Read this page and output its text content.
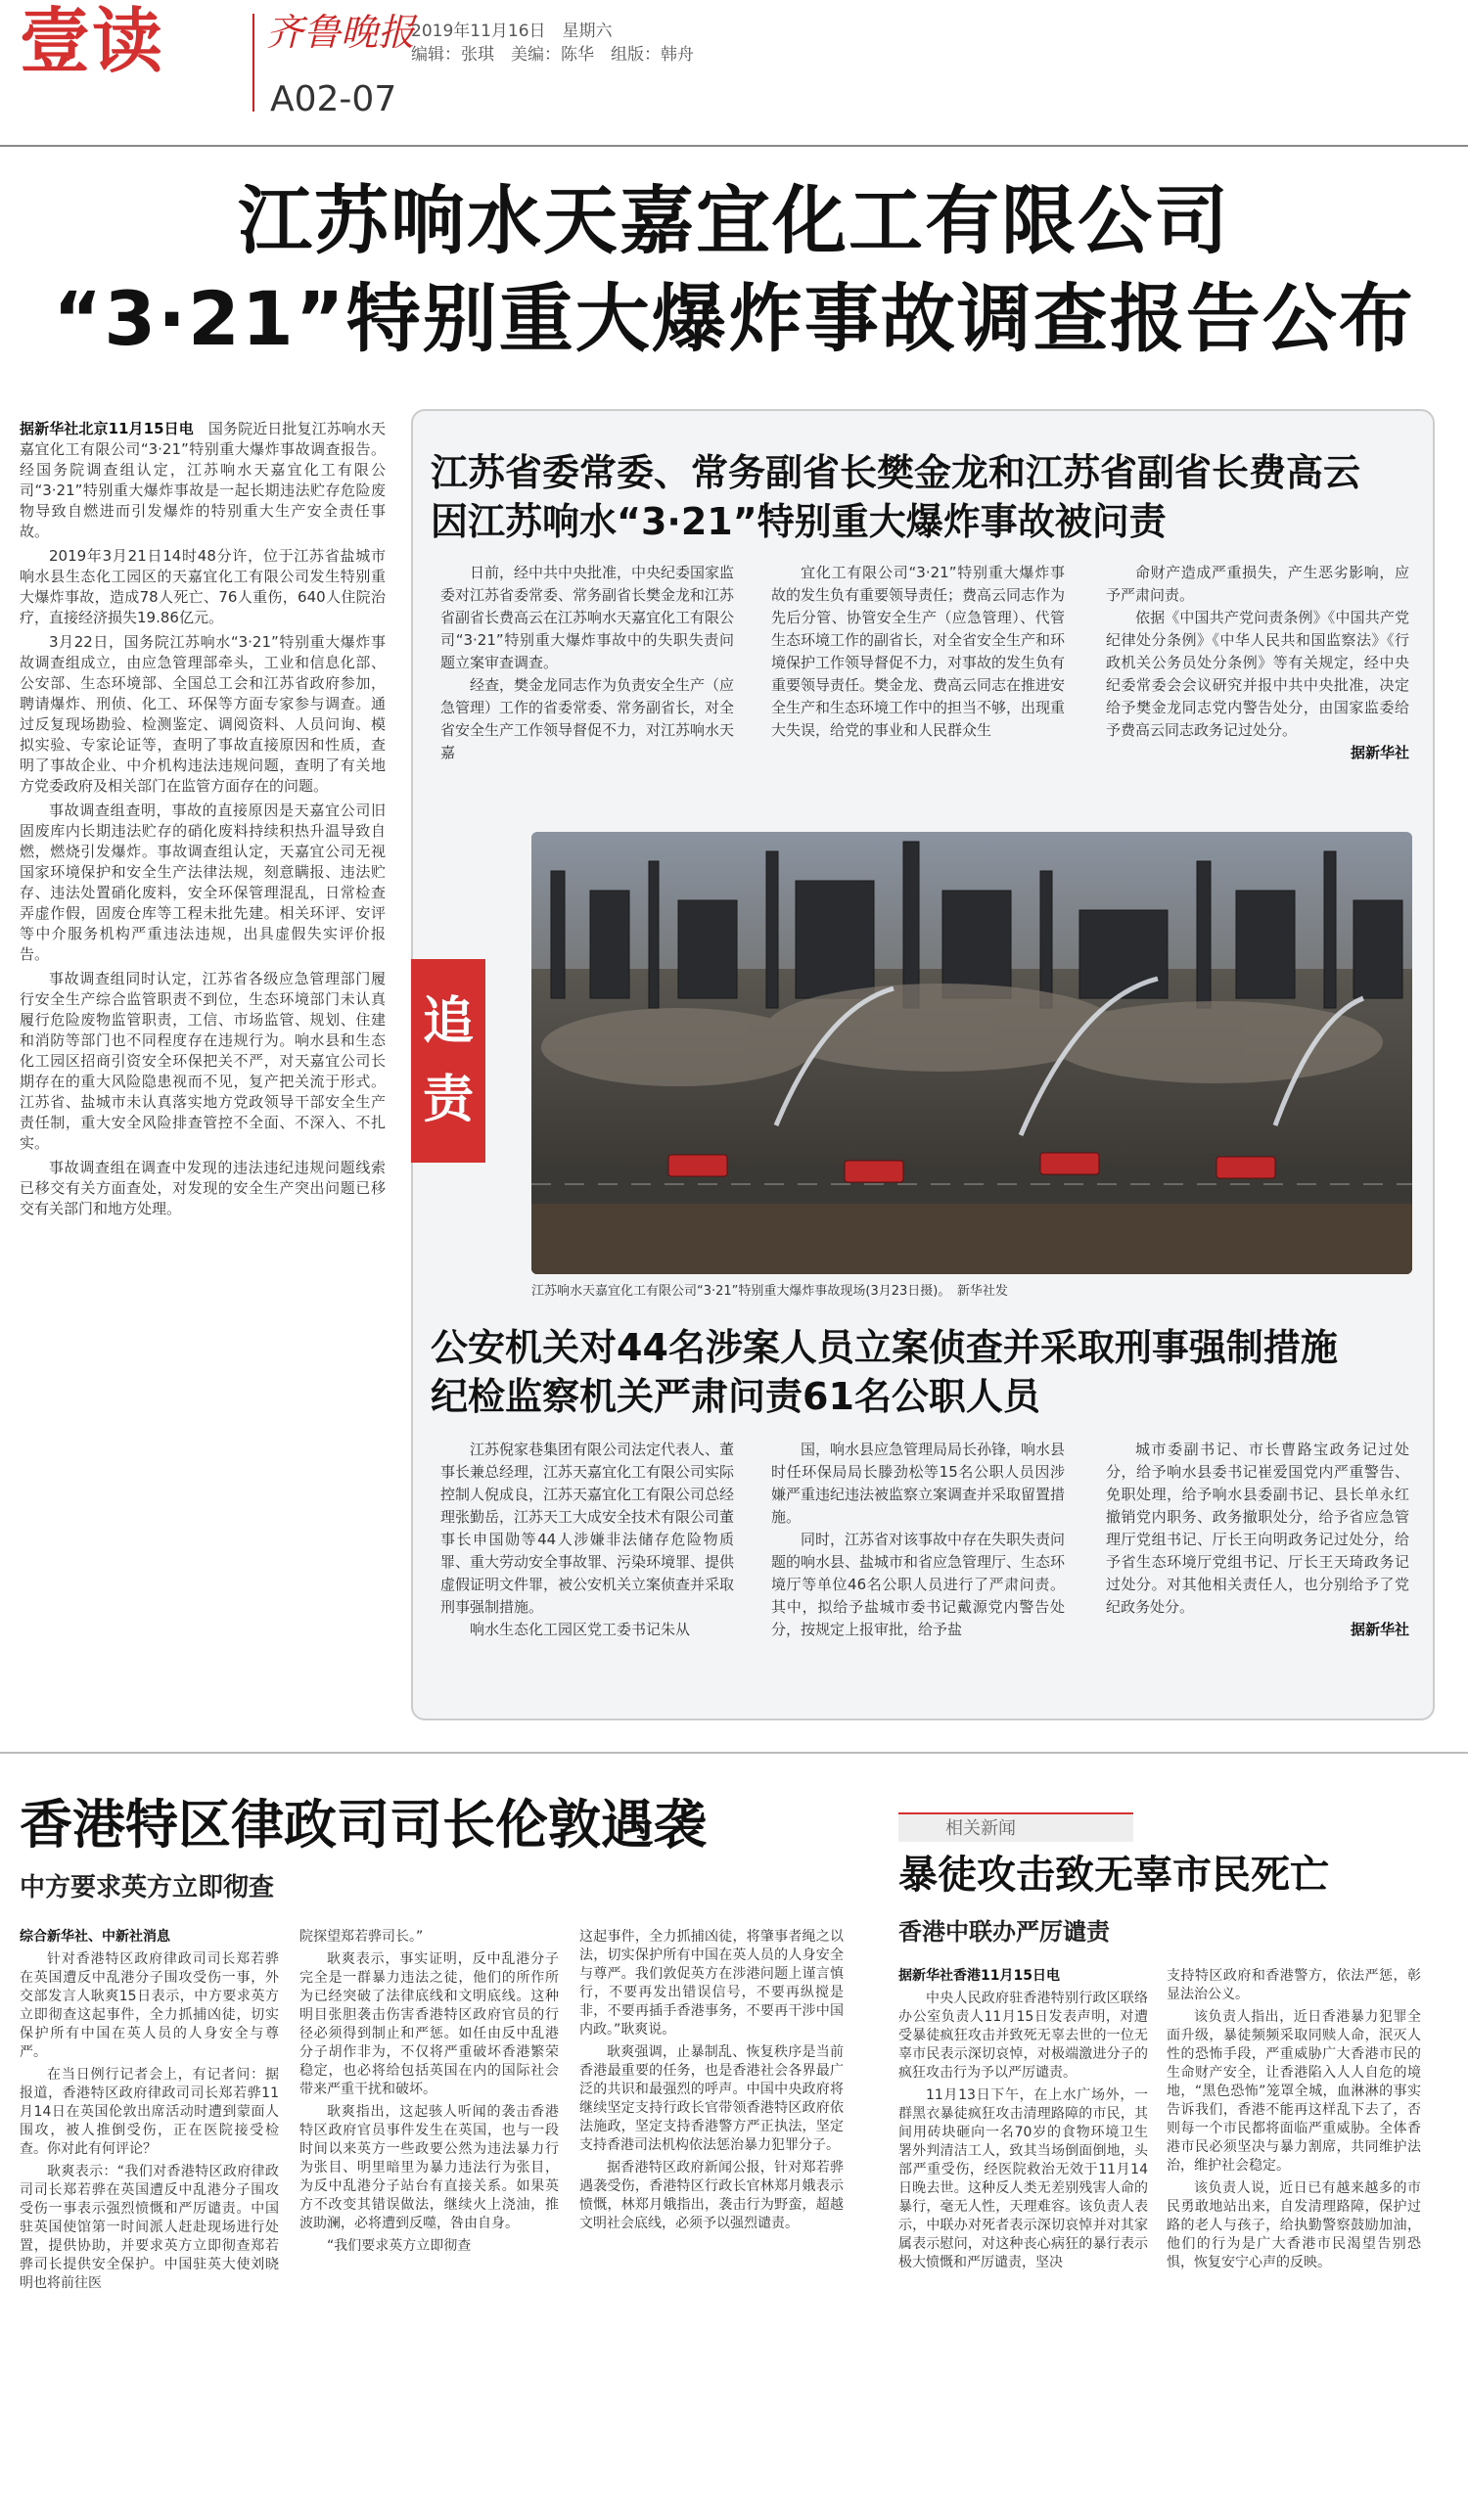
壹读	齐鲁晚报
A02-07
2019年11月16日　星期六
编辑：张琪　美编：陈华　组版：韩舟
江苏响水天嘉宜化工有限公司
“3·21”特别重大爆炸事故调查报告公布

据新华社北京11月15日电　 国务院近日批复江苏响水天嘉宜化工有限公司“3·21”特别重大爆炸事故调查报告。经国务院调查组认定，江苏响水天嘉宜化工有限公司“3·21”特别重大爆炸事故是一起长期违法贮存危险废物导致自燃进而引发爆炸的特别重大生产安全责任事故。

2019年3月21日14时48分许，位于江苏省盐城市响水县生态化工园区的天嘉宜化工有限公司发生特别重大爆炸事故，造成78人死亡、76人重伤，640人住院治疗，直接经济损失19.86亿元。

3月22日，国务院江苏响水“3·21”特别重大爆炸事故调查组成立，由应急管理部牵头，工业和信息化部、公安部、生态环境部、全国总工会和江苏省政府参加，聘请爆炸、刑侦、化工、环保等方面专家参与调查。通过反复现场勘验、检测鉴定、调阅资料、人员问询、模拟实验、专家论证等，查明了事故直接原因和性质，查明了事故企业、中介机构违法违规问题，查明了有关地方党委政府及相关部门在监管方面存在的问题。

事故调查组查明，事故的直接原因是天嘉宜公司旧固废库内长期违法贮存的硝化废料持续积热升温导致自燃，燃烧引发爆炸。事故调查组认定，天嘉宜公司无视国家环境保护和安全生产法律法规，刻意瞒报、违法贮存、违法处置硝化废料，安全环保管理混乱，日常检查弄虚作假，固废仓库等工程未批先建。相关环评、安评等中介服务机构严重违法违规，出具虚假失实评价报告。

事故调查组同时认定，江苏省各级应急管理部门履行安全生产综合监管职责不到位，生态环境部门未认真履行危险废物监管职责，工信、市场监管、规划、住建和消防等部门也不同程度存在违规行为。响水县和生态化工园区招商引资安全环保把关不严，对天嘉宜公司长期存在的重大风险隐患视而不见，复产把关流于形式。江苏省、盐城市未认真落实地方党政领导干部安全生产责任制，重大安全风险排查管控不全面、不深入、不扎实。

事故调查组在调查中发现的违法违纪违规问题线索已移交有关方面查处，对发现的安全生产突出问题已移交有关部门和地方处理。

追责
江苏省委常委、常务副省长樊金龙和江苏省副省长费高云
因江苏响水“3·21”特别重大爆炸事故被问责

日前，经中共中央批准，中央纪委国家监委对江苏省委常委、常务副省长樊金龙和江苏省副省长费高云在江苏响水天嘉宜化工有限公司“3·21”特别重大爆炸事故中的失职失责问题立案审查调查。

经查，樊金龙同志作为负责安全生产（应急管理）工作的省委常委、常务副省长，对全省安全生产工作领导督促不力，对江苏响水天嘉

宜化工有限公司“3·21”特别重大爆炸事故的发生负有重要领导责任；费高云同志作为先后分管、协管安全生产（应急管理）、代管生态环境工作的副省长，对全省安全生产和环境保护工作领导督促不力，对事故的发生负有重要领导责任。樊金龙、费高云同志在推进安全生产和生态环境工作中的担当不够，出现重大失误，给党的事业和人民群众生

命财产造成严重损失，产生恶劣影响，应予严肃问责。

依据《中国共产党问责条例》《中国共产党纪律处分条例》《中华人民共和国监察法》《行政机关公务员处分条例》等有关规定，经中央纪委常委会会议研究并报中共中央批准，决定给予樊金龙同志党内警告处分，由国家监委给予费高云同志政务记过处分。

据新华社
江苏响水天嘉宜化工有限公司“3·21”特别重大爆炸事故现场(3月23日摄)。　新华社发
公安机关对44名涉案人员立案侦查并采取刑事强制措施
纪检监察机关严肃问责61名公职人员

江苏倪家巷集团有限公司法定代表人、董事长兼总经理，江苏天嘉宜化工有限公司实际控制人倪成良，江苏天嘉宜化工有限公司总经理张勤岳，江苏天工大成安全技术有限公司董事长申国勋等44人涉嫌非法储存危险物质罪、重大劳动安全事故罪、污染环境罪、提供虚假证明文件罪，被公安机关立案侦查并采取刑事强制措施。

响水生态化工园区党工委书记朱从

国，响水县应急管理局局长孙锋，响水县时任环保局局长滕劲松等15名公职人员因涉嫌严重违纪违法被监察立案调查并采取留置措施。

同时，江苏省对该事故中存在失职失责问题的响水县、盐城市和省应急管理厅、生态环境厅等单位46名公职人员进行了严肃问责。其中，拟给予盐城市委书记戴源党内警告处分，按规定上报审批，给予盐

城市委副书记、市长曹路宝政务记过处分，给予响水县委书记崔爱国党内严重警告、免职处理，给予响水县委副书记、县长单永红撤销党内职务、政务撤职处分，给予省应急管理厅党组书记、厅长王向明政务记过处分，给予省生态环境厅党组书记、厅长王天琦政务记过处分。对其他相关责任人，也分别给予了党纪政务处分。

据新华社
香港特区律政司司长伦敦遇袭
中方要求英方立即彻查

综合新华社、中新社消息

针对香港特区政府律政司司长郑若骅在英国遭反中乱港分子围攻受伤一事，外交部发言人耿爽15日表示，中方要求英方立即彻查这起事件，全力抓捕凶徒，切实保护所有中国在英人员的人身安全与尊严。

在当日例行记者会上，有记者问：据报道，香港特区政府律政司司长郑若骅11月14日在英国伦敦出席活动时遭到蒙面人围攻，被人推倒受伤，正在医院接受检查。你对此有何评论？

耿爽表示：“我们对香港特区政府律政司司长郑若骅在英国遭反中乱港分子围攻受伤一事表示强烈愤慨和严厉谴责。中国驻英国使馆第一时间派人赶赴现场进行处置，提供协助，并要求英方立即彻查郑若骅司长提供安全保护。中国驻英大使刘晓明也将前往医

院探望郑若骅司长。”

耿爽表示，事实证明，反中乱港分子完全是一群暴力违法之徒，他们的所作所为已经突破了法律底线和文明底线。这种明目张胆袭击伤害香港特区政府官员的行径必须得到制止和严惩。如任由反中乱港分子胡作非为，不仅将严重破坏香港繁荣稳定，也必将给包括英国在内的国际社会带来严重干扰和破坏。

耿爽指出，这起骇人听闻的袭击香港特区政府官员事件发生在英国，也与一段时间以来英方一些政要公然为违法暴力行为张目、明里暗里为暴力违法行为张目，为反中乱港分子站台有直接关系。如果英方不改变其错误做法，继续火上浇油，推波助澜，必将遭到反噬，咎由自身。

“我们要求英方立即彻查

这起事件，全力抓捕凶徒，将肇事者绳之以法，切实保护所有中国在英人员的人身安全与尊严。我们敦促英方在涉港问题上谨言慎行，不要再发出错误信号，不要再纵搅是非，不要再插手香港事务，不要再干涉中国内政。”耿爽说。

耿爽强调，止暴制乱、恢复秩序是当前香港最重要的任务，也是香港社会各界最广泛的共识和最强烈的呼声。中国中央政府将继续坚定支持行政长官带领香港特区政府依法施政，坚定支持香港警方严正执法，坚定支持香港司法机构依法惩治暴力犯罪分子。

据香港特区政府新闻公报，针对郑若骅遇袭受伤，香港特区行政长官林郑月娥表示愤慨，林郑月娥指出，袭击行为野蛮，超越文明社会底线，必须予以强烈谴责。

相关新闻
暴徒攻击致无辜市民死亡
香港中联办严厉谴责

据新华社香港11月15日电

中央人民政府驻香港特别行政区联络办公室负责人11月15日发表声明，对遭受暴徒疯狂攻击并致死无辜去世的一位无辜市民表示深切哀悼，对极端激进分子的疯狂攻击行为予以严厉谴责。

11月13日下午，在上水广场外，一群黑衣暴徒疯狂攻击清理路障的市民，其间用砖块砸向一名70岁的食物环境卫生署外判清洁工人，致其当场倒面倒地，头部严重受伤，经医院救治无效于11月14日晚去世。这种反人类无差别残害人命的暴行，毫无人性，天理难容。该负责人表示，中联办对死者表示深切哀悼并对其家属表示慰问，对这种丧心病狂的暴行表示极大愤慨和严厉谴责，坚决

支持特区政府和香港警方，依法严惩，彰显法治公义。

该负责人指出，近日香港暴力犯罪全面升级，暴徒频频采取同赎人命，泯灭人性的恐怖手段，严重威胁广大香港市民的生命财产安全，让香港陷入人人自危的境地，“黑色恐怖”笼罩全城，血淋淋的事实告诉我们，香港不能再这样乱下去了，否则每一个市民都将面临严重威胁。全体香港市民必须坚决与暴力割席，共同维护法治，维护社会稳定。

该负责人说，近日已有越来越多的市民勇敢地站出来，自发清理路障，保护过路的老人与孩子，给执勤警察鼓励加油，他们的行为是广大香港市民渴望告别恐惧，恢复安宁心声的反映。
